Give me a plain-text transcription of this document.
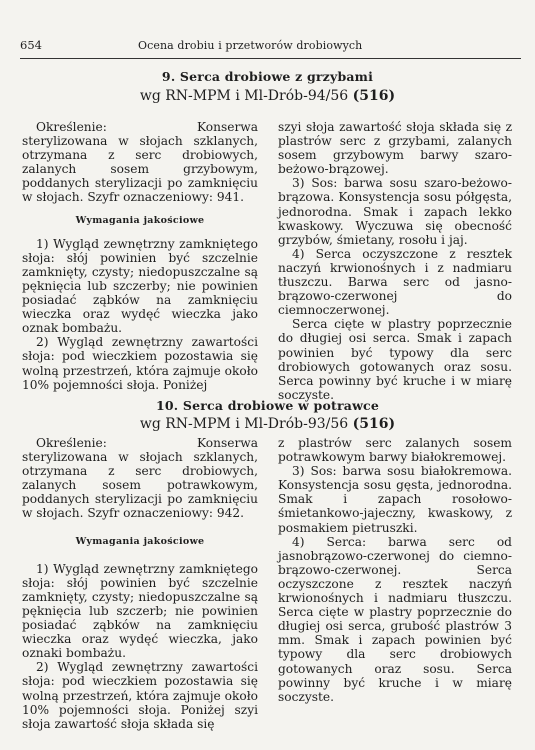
654	Ocena drobiu i przetworów drobiowych
9. Serca drobiowe z grzybami
wg RN-MPM i Ml-Drób-94/56 (516)

Określenie: Konserwa sterylizowana w słojach szklanych, otrzymana z serc drobiowych, zalanych sosem grzybowym, poddanych sterylizacji po zamknięciu w słojach. Szyfr oznaczeniowy: 941.

Wymagania jakościowe

1) Wygląd zewnętrzny zamkniętego słoja: słój powinien być szczelnie zamknięty, czysty; niedopuszczalne są pęknięcia lub szczerby; nie powinien posiadać ząbków na zamknięciu wieczka oraz wydęć wieczka jako oznak bombażu.

2) Wygląd zewnętrzny zawartości słoja: pod wieczkiem pozostawia się wolną przestrzeń, która zajmuje około 10% pojemności słoja. Poniżej

szyi słoja zawartość słoja składa się z plastrów serc z grzybami, zalanych sosem grzybowym barwy szaro-beżowo-brązowej.

3) Sos: barwa sosu szaro-beżowo-brązowa. Konsystencja sosu półgęsta, jednorodna. Smak i zapach lekko kwaskowy. Wyczuwa się obecność grzybów, śmietany, rosołu i jaj.

4) Serca oczyszczone z resztek naczyń krwionośnych i z nadmiaru tłuszczu. Barwa serc od jasno-brązowo-czerwonej do ciemnoczerwonej.

Serca cięte w plastry poprzecznie do długiej osi serca. Smak i zapach powinien być typowy dla serc drobiowych gotowanych oraz sosu. Serca powinny być kruche i w miarę soczyste.

10. Serca drobiowe w potrawce
wg RN-MPM i Ml-Drób-93/56 (516)

Określenie: Konserwa sterylizowana w słojach szklanych, otrzymana z serc drobiowych, zalanych sosem potrawkowym, poddanych sterylizacji po zamknięciu w słojach. Szyfr oznaczeniowy: 942.

Wymagania jakościowe

1) Wygląd zewnętrzny zamkniętego słoja: słój powinien być szczelnie zamknięty, czysty; niedopuszczalne są pęknięcia lub szczerb; nie powinien posiadać ząbków na zamknięciu wieczka oraz wydęć wieczka, jako oznaki bombażu.

2) Wygląd zewnętrzny zawartości słoja: pod wieczkiem pozostawia się wolną przestrzeń, która zajmuje około 10% pojemności słoja. Poniżej szyi słoja zawartość słoja składa się

z plastrów serc zalanych sosem potrawkowym barwy białokremowej.

3) Sos: barwa sosu białokremowa. Konsystencja sosu gęsta, jednorodna. Smak i zapach rosołowo-śmietankowo-jajeczny, kwaskowy, z posmakiem pietruszki.

4) Serca: barwa serc od jasnobrązowo-czerwonej do ciemno-brązowo-czerwonej. Serca oczyszczone z resztek naczyń krwionośnych i nadmiaru tłuszczu. Serca cięte w plastry poprzecznie do długiej osi serca, grubość plastrów 3 mm. Smak i zapach powinien być typowy dla serc drobiowych gotowanych oraz sosu. Serca powinny być kruche i w miarę soczyste.
